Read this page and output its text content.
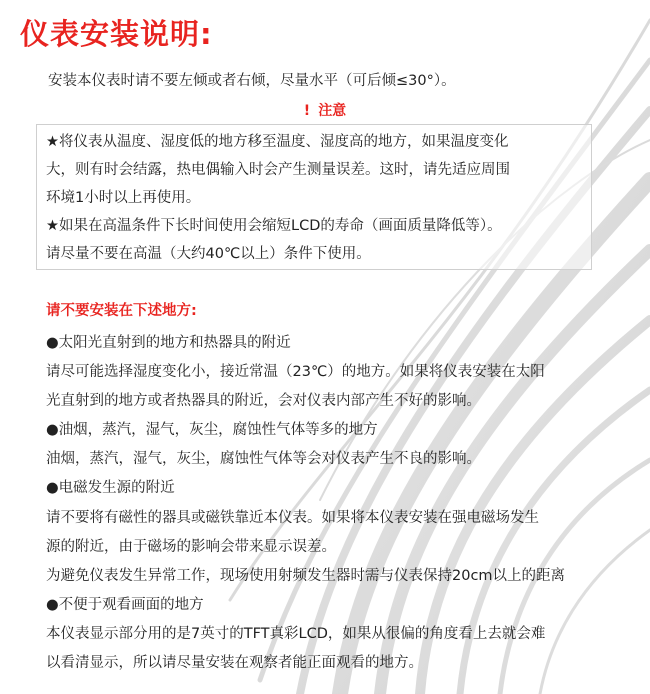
仪表安装说明:
安装本仪表时请不要左倾或者右倾，尽量水平（可后倾≤30°）。
! 注意
★将仪表从温度、湿度低的地方移至温度、湿度高的地方，如果温度变化
大，则有时会结露，热电偶输入时会产生测量误差。这时，请先适应周围
环境1小时以上再使用。
★如果在高温条件下长时间使用会缩短LCD的寿命（画面质量降低等）。
请尽量不要在高温（大约40℃以上）条件下使用。
请不要安装在下述地方:
●太阳光直射到的地方和热器具的附近
请尽可能选择湿度变化小，接近常温（23℃）的地方。如果将仪表安装在太阳
光直射到的地方或者热器具的附近，会对仪表内部产生不好的影响。
●油烟，蒸汽，湿气，灰尘，腐蚀性气体等多的地方
油烟，蒸汽，湿气，灰尘，腐蚀性气体等会对仪表产生不良的影响。
●电磁发生源的附近
请不要将有磁性的器具或磁铁靠近本仪表。如果将本仪表安装在强电磁场发生
源的附近，由于磁场的影响会带来显示误差。
为避免仪表发生异常工作，现场使用射频发生器时需与仪表保持20cm以上的距离
●不便于观看画面的地方
本仪表显示部分用的是7英寸的TFT真彩LCD，如果从很偏的角度看上去就会难
以看清显示，所以请尽量安装在观察者能正面观看的地方。
